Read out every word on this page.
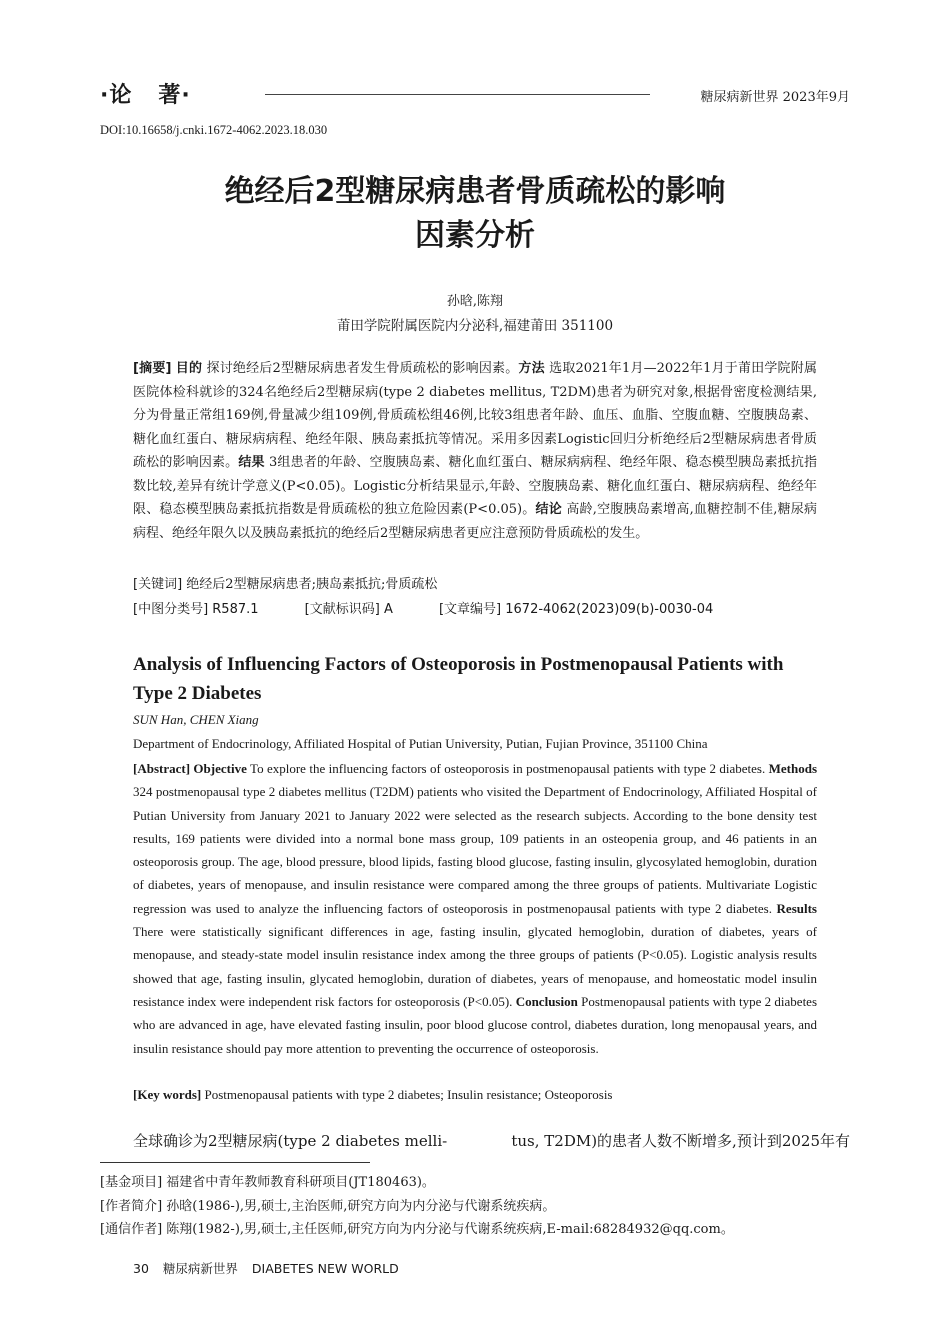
·论   著·	糖尿病新世界 2023年9月
DOI:10.16658/j.cnki.1672-4062.2023.18.030
绝经后2型糖尿病患者骨质疏松的影响
因素分析
孙晗,陈翔
莆田学院附属医院内分泌科,福建莆田 351100
[摘要] 目的 探讨绝经后2型糖尿病患者发生骨质疏松的影响因素。方法 选取2021年1月—2022年1月于莆田学院附属医院体检科就诊的324名绝经后2型糖尿病(type 2 diabetes mellitus, T2DM)患者为研究对象,根据骨密度检测结果,分为骨量正常组169例,骨量减少组109例,骨质疏松组46例,比较3组患者年龄、血压、血脂、空腹血糖、空腹胰岛素、糖化血红蛋白、糖尿病病程、绝经年限、胰岛素抵抗等情况。采用多因素Logistic回归分析绝经后2型糖尿病患者骨质疏松的影响因素。结果 3组患者的年龄、空腹胰岛素、糖化血红蛋白、糖尿病病程、绝经年限、稳态模型胰岛素抵抗指数比较,差异有统计学意义(P<0.05)。Logistic分析结果显示,年龄、空腹胰岛素、糖化血红蛋白、糖尿病病程、绝经年限、稳态模型胰岛素抵抗指数是骨质疏松的独立危险因素(P<0.05)。结论 高龄,空腹胰岛素增高,血糖控制不佳,糖尿病病程、绝经年限久以及胰岛素抵抗的绝经后2型糖尿病患者更应注意预防骨质疏松的发生。
[关键词] 绝经后2型糖尿病患者;胰岛素抵抗;骨质疏松
[中图分类号] R587.1	[文献标识码] A	[文章编号] 1672-4062(2023)09(b)-0030-04
Analysis of Influencing Factors of Osteoporosis in Postmenopausal Patients with Type 2 Diabetes
SUN Han, CHEN Xiang
Department of Endocrinology, Affiliated Hospital of Putian University, Putian, Fujian Province, 351100 China
[Abstract] Objective To explore the influencing factors of osteoporosis in postmenopausal patients with type 2 diabetes. Methods 324 postmenopausal type 2 diabetes mellitus (T2DM) patients who visited the Department of Endocrinology, Affiliated Hospital of Putian University from January 2021 to January 2022 were selected as the research subjects. According to the bone density test results, 169 patients were divided into a normal bone mass group, 109 patients in an osteopenia group, and 46 patients in an osteoporosis group. The age, blood pressure, blood lipids, fasting blood glucose, fasting insulin, glycosylated hemoglobin, duration of diabetes, years of menopause, and insulin resistance were compared among the three groups of patients. Multivariate Logistic regression was used to analyze the influencing factors of osteoporosis in postmenopausal patients with type 2 diabetes. Results There were statistically significant differences in age, fasting insulin, glycated hemoglobin, duration of diabetes, years of menopause, and steady-state model insulin resistance index among the three groups of patients (P<0.05). Logistic analysis results showed that age, fasting insulin, glycated hemoglobin, duration of diabetes, years of menopause, and homeostatic model insulin resistance index were independent risk factors for osteoporosis (P<0.05). Conclusion Postmenopausal patients with type 2 diabetes who are advanced in age, have elevated fasting insulin, poor blood glucose control, diabetes duration, long menopausal years, and insulin resistance should pay more attention to preventing the occurrence of osteoporosis.
[Key words] Postmenopausal patients with type 2 diabetes; Insulin resistance; Osteoporosis
全球确诊为2型糖尿病(type 2 diabetes melli-	tus, T2DM)的患者人数不断增多,预计到2025年有
[基金项目] 福建省中青年教师教育科研项目(JT180463)。
[作者简介] 孙晗(1986-),男,硕士,主治医师,研究方向为内分泌与代谢系统疾病。
[通信作者] 陈翔(1982-),男,硕士,主任医师,研究方向为内分泌与代谢系统疾病,E-mail:68284932@qq.com。
30 糖尿病新世界 DIABETES NEW WORLD
